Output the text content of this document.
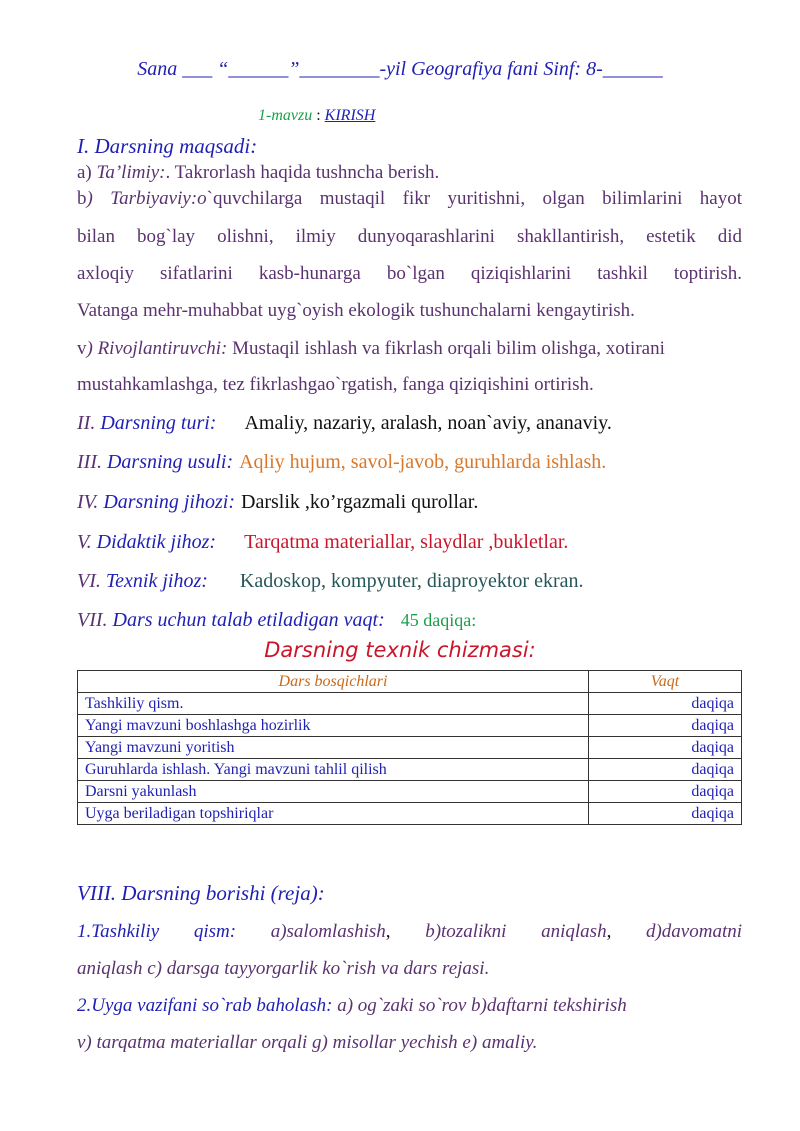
Sana ___ “______”________-yil Geografiya fani Sinf: 8-______
1-mavzu : KIRISH
I. Darsning maqsadi:
a) Ta’limiy:. Takrorlash haqida tushncha berish.
b) Tarbiyaviy:o`quvchilarga mustaqil fikr yuritishni, olgan bilimlarini hayot
bilan bog`lay olishni, ilmiy dunyoqarashlarini shakllantirish, estetik did
axloqiy sifatlarini kasb-hunarga bo`lgan qiziqishlarini tashkil toptirish.
Vatanga mehr-muhabbat uyg`oyish ekologik tushunchalarni kengaytirish.
v) Rivojlantiruvchi: Mustaqil ishlash va fikrlash orqali bilim olishga, xotirani
mustahkamlashga, tez fikrlashgao`rgatish, fanga qiziqishini ortirish.
II. Darsning turi: Amaliy, nazariy, aralash, noan`aviy, ananaviy.
III. Darsning usuli: Aqliy hujum, savol-javob, guruhlarda ishlash.
IV. Darsning jihozi: Darslik ,ko’rgazmali qurollar.
V. Didaktik jihoz: Tarqatma materiallar, slaydlar ,bukletlar.
VI. Texnik jihoz: Kadoskop, kompyuter, diaproyektor ekran.
VII. Dars uchun talab etiladigan vaqt: 45 daqiqa:
Darsning texnik chizmasi:
Dars bosqichlari	Vaqt
Tashkiliy qism.	daqiqa
Yangi mavzuni boshlashga hozirlik	daqiqa
Yangi mavzuni yoritish	daqiqa
Guruhlarda ishlash. Yangi mavzuni tahlil qilish	daqiqa
Darsni yakunlash	daqiqa
Uyga beriladigan topshiriqlar	daqiqa
VIII. Darsning borishi (reja):
1.Tashkiliy qism: a)salomlashish, b)tozalikni aniqlash, d)davomatni
aniqlash c) darsga tayyorgarlik ko`rish va dars rejasi.
2.Uyga vazifani so`rab baholash: a) og`zaki so`rov b)daftarni tekshirish
v) tarqatma materiallar orqali g) misollar yechish e) amaliy.
